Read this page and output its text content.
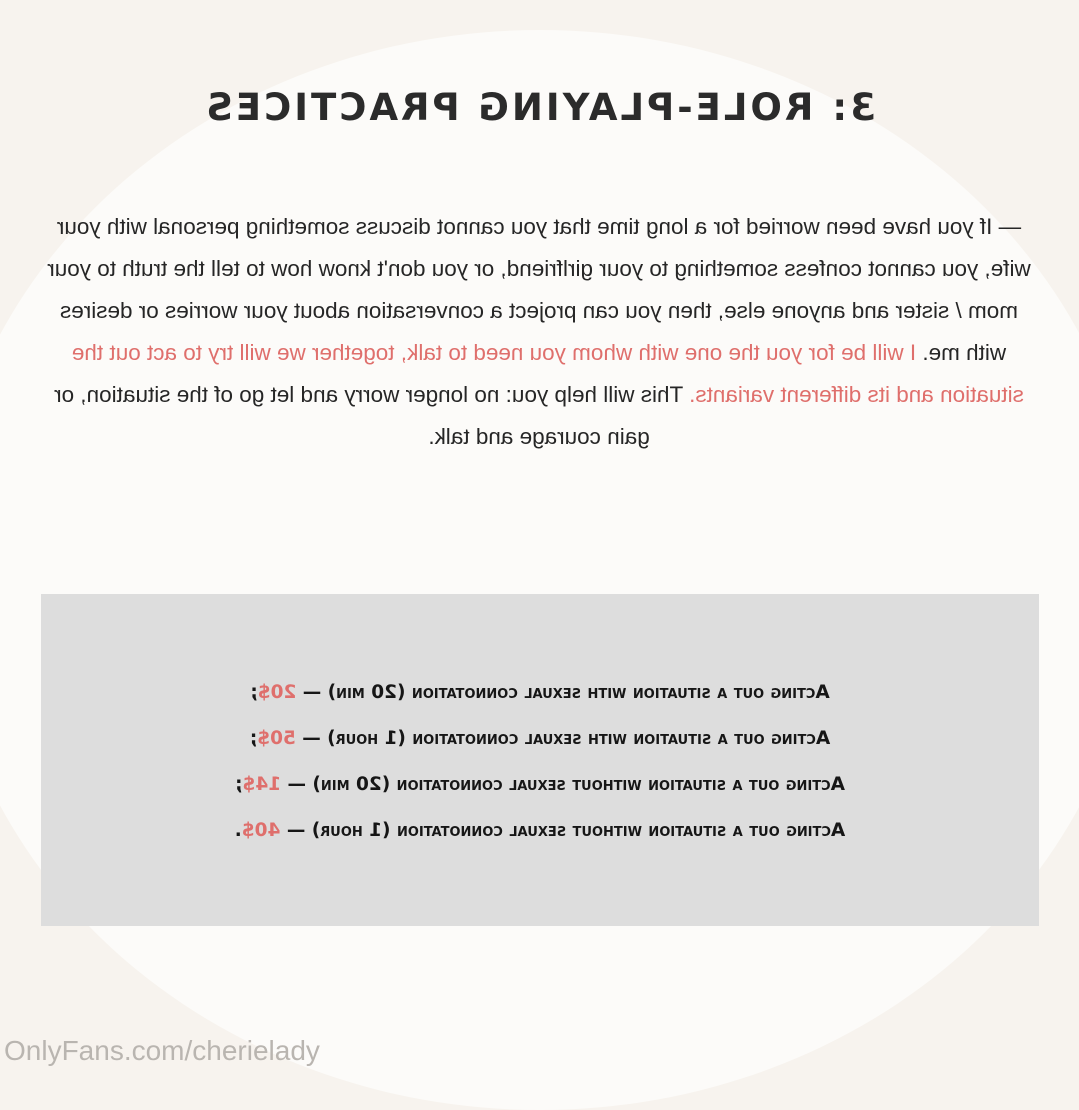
3: ROLE-PLAYING PRACTICES
— If you have been worried for a long time that you cannot discuss something personal with your wife, you cannot confess something to your girlfriend, or you don't know how to tell the truth to your mom / sister and anyone else, then you can project a conversation about your worries or desires with me. I will be for you the one with whom you need to talk, together we will try to act out the situation and its different variants. This will help you: no longer worry and let go of the situation, or gain courage and talk.
Acting out a situation with sexual connotation (20 min) — 20$;
Acting out a situation with sexual connotation (1 hour) — 50$;
Acting out a situation without sexual connotation (20 min) — 14$;
Acting out a situation without sexual connotation (1 hour) — 40$.
OnlyFans.com/cherielady
